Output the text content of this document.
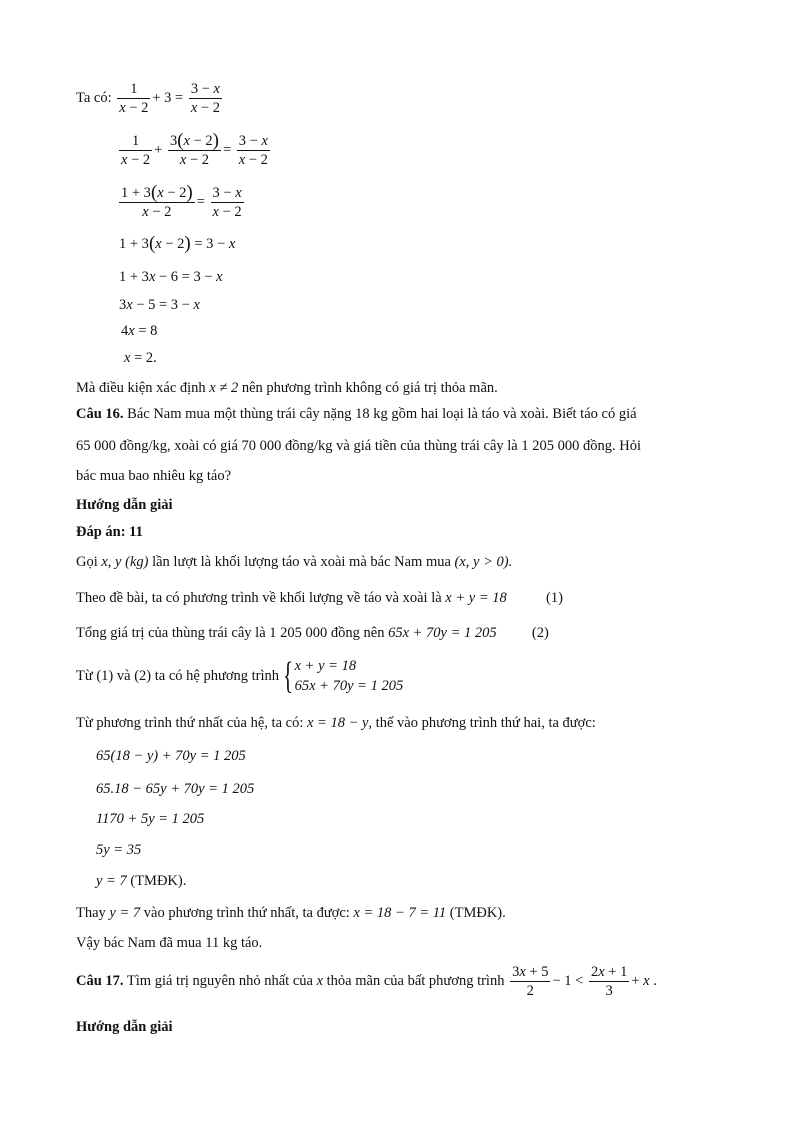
Ta có: $\frac{1}{x - 2} + 3 = \frac{3 - x}{x - 2}$
$\frac{1}{x - 2} + \frac{3(x - 2)}{x - 2} = \frac{3 - x}{x - 2}$
$\frac{1 + 3(x - 2)}{x - 2} = \frac{3 - x}{x - 2}$
1 + 3(x − 2) = 3 − x
1 + 3x − 6 = 3 − x
3x − 5 = 3 − x
4x = 8
x = 2.
Mà điều kiện xác định x ≠ 2 nên phương trình không có giá trị thỏa mãn.
Câu 16. Bác Nam mua một thùng trái cây nặng 18 kg gồm hai loại là táo và xoài. Biết táo có giá
65 000 đồng/kg, xoài có giá 70 000 đồng/kg và giá tiền của thùng trái cây là 1 205 000 đồng. Hỏi
bác mua bao nhiêu kg táo?
Hướng dẫn giải
Đáp án: 11
Gọi x, y (kg) lần lượt là khối lượng táo và xoài mà bác Nam mua (x, y > 0).
Theo đề bài, ta có phương trình về khối lượng về táo và xoài là x + y = 18	(1)
Tổng giá trị của thùng trái cây là 1 205 000 đồng nên 65x + 70y = 1 205 (2)
Từ (1) và (2) ta có hệ phương trình { x + y = 18
65x + 70y = 1 205
Từ phương trình thứ nhất của hệ, ta có: x = 18 − y, thế vào phương trình thứ hai, ta được:
65(18 − y) + 70y = 1 205
65.18 − 65y + 70y = 1 205
1170 + 5y = 1 205
5y = 35
y = 7 (TMĐK).
Thay y = 7 vào phương trình thứ nhất, ta được: x = 18 − 7 = 11 (TMĐK).
Vậy bác Nam đã mua 11 kg táo.
Câu 17. Tìm giá trị nguyên nhỏ nhất của x thỏa mãn của bất phương trình $\frac{3x + 5}{2} - 1 < \frac{2x + 1}{3} + x$ .
Hướng dẫn giải
